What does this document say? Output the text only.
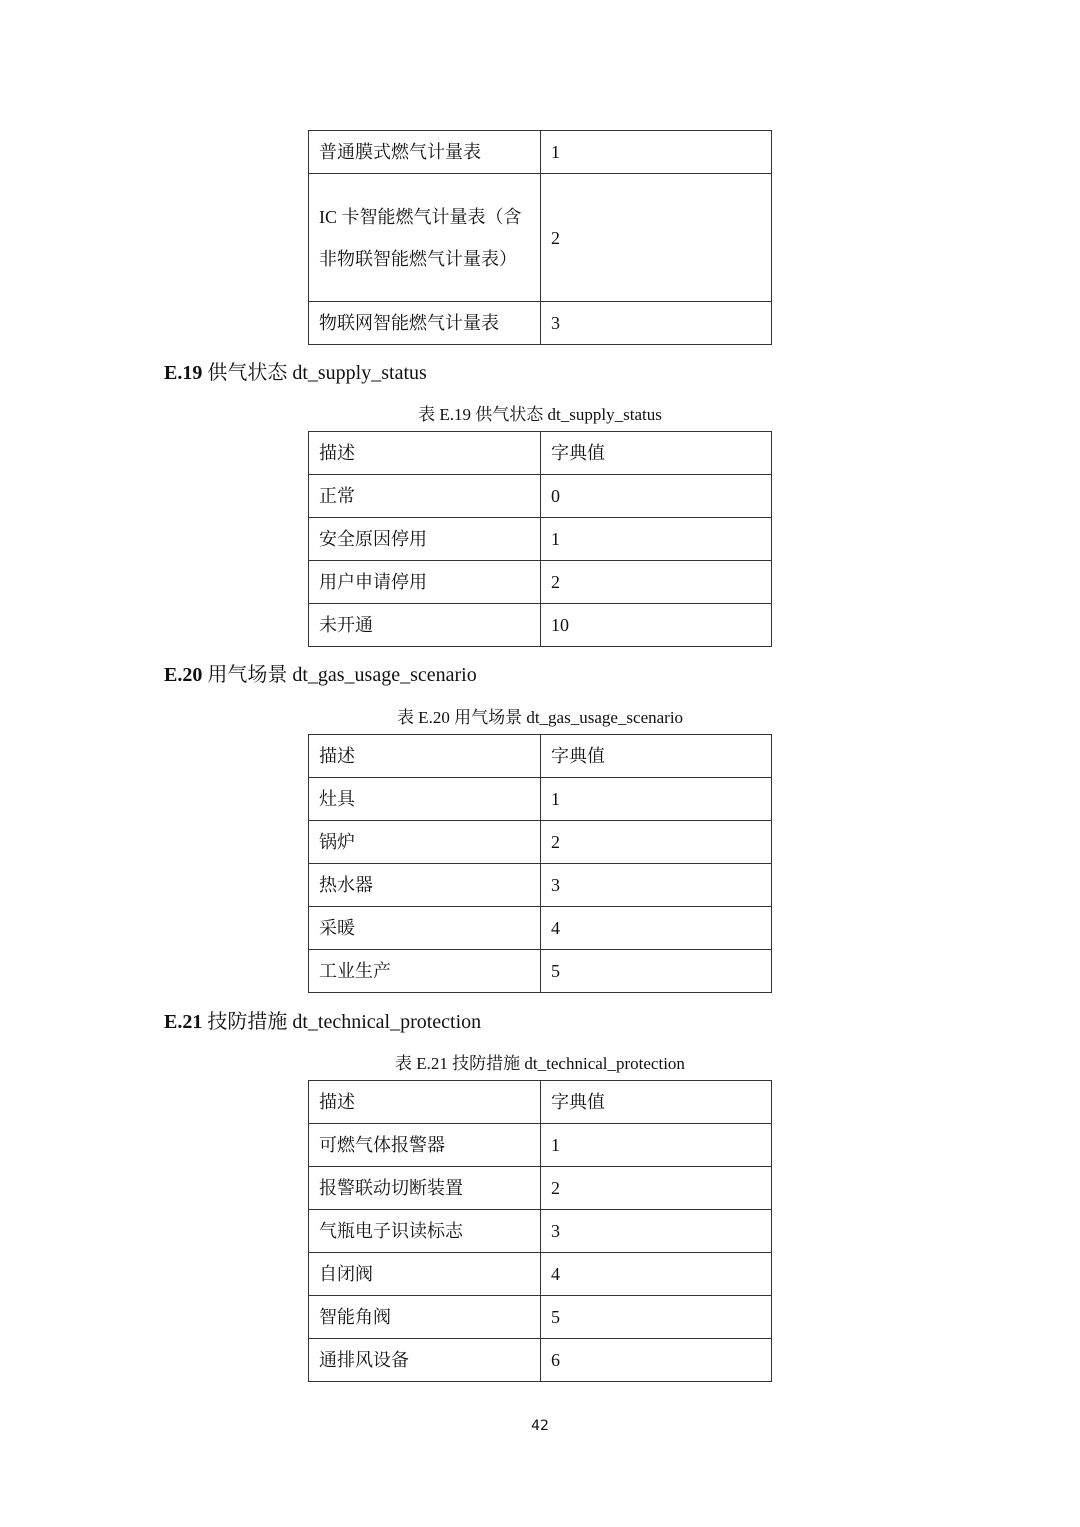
普通膜式燃气计量表	1
IC 卡智能燃气计量表（含非物联智能燃气计量表）	2
物联网智能燃气计量表	3
E.19 供气状态 dt_supply_status
表 E.19 供气状态 dt_supply_status
描述	字典值
正常	0
安全原因停用	1
用户申请停用	2
未开通	10
E.20 用气场景 dt_gas_usage_scenario
表 E.20 用气场景 dt_gas_usage_scenario
描述	字典值
灶具	1
锅炉	2
热水器	3
采暖	4
工业生产	5
E.21 技防措施 dt_technical_protection
表 E.21 技防措施 dt_technical_protection
描述	字典值
可燃气体报警器	1
报警联动切断装置	2
气瓶电子识读标志	3
自闭阀	4
智能角阀	5
通排风设备	6
42
